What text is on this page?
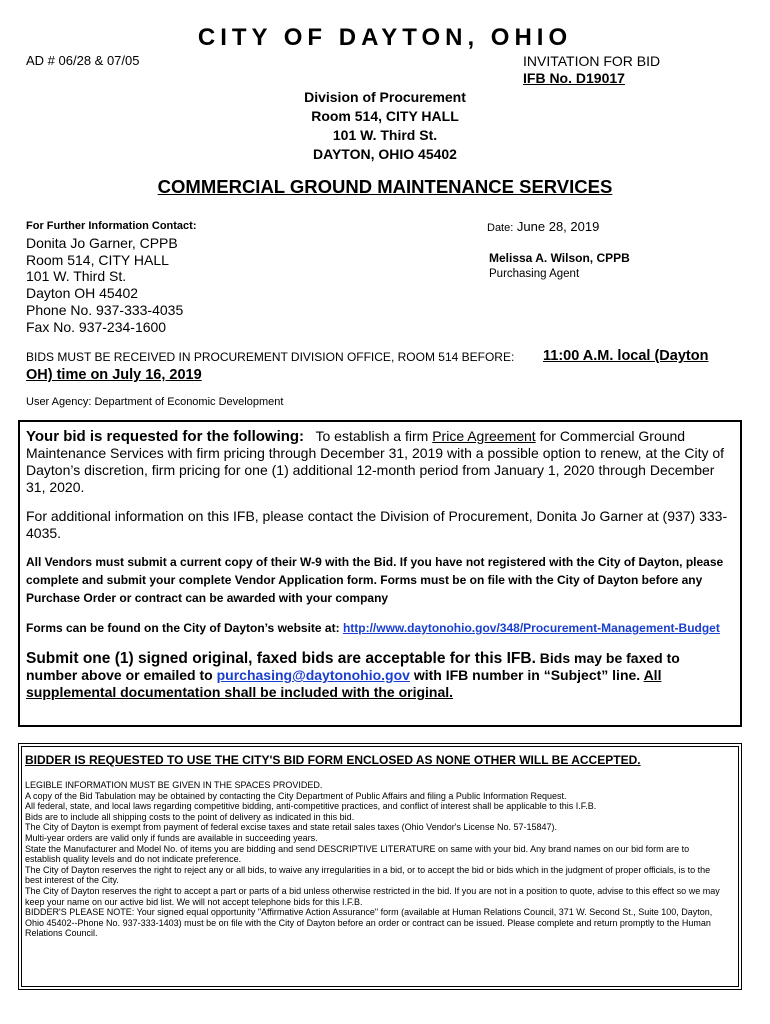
CITY OF DAYTON, OHIO
AD # 06/28 & 07/05	INVITATION FOR BID
IFB No. D19017
Division of Procurement
Room 514, CITY HALL
101 W. Third St.
DAYTON, OHIO 45402
COMMERCIAL GROUND MAINTENANCE SERVICES
For Further Information Contact:	Date: June 28, 2019
Donita Jo Garner, CPPB
Room 514, CITY HALL
101 W. Third St.
Dayton OH 45402
Phone No. 937-333-4035
Fax No. 937-234-1600
Melissa A. Wilson, CPPB
Purchasing Agent
BIDS MUST BE RECEIVED IN PROCUREMENT DIVISION OFFICE, ROOM 514 BEFORE: 11:00 A.M. local (Dayton
OH) time on July 16, 2019
User Agency: Department of Economic Development

Your bid is requested for the following: To establish a firm Price Agreement for Commercial Ground Maintenance Services with firm pricing through December 31, 2019 with a possible option to renew, at the City of Dayton’s discretion, firm pricing for one (1) additional 12-month period from January 1, 2020 through December 31, 2020.

For additional information on this IFB, please contact the Division of Procurement, Donita Jo Garner at (937) 333-4035.

All Vendors must submit a current copy of their W-9 with the Bid. If you have not registered with the City of Dayton, please complete and submit your complete Vendor Application form. Forms must be on file with the City of Dayton before any Purchase Order or contract can be awarded with your company

Forms can be found on the City of Dayton’s website at: http://www.daytonohio.gov/348/Procurement-Management-Budget

Submit one (1) signed original, faxed bids are acceptable for this IFB. Bids may be faxed to number above or emailed to purchasing@daytonohio.gov with IFB number in “Subject” line. All supplemental documentation shall be included with the original.

BIDDER IS REQUESTED TO USE THE CITY'S BID FORM ENCLOSED AS NONE OTHER WILL BE ACCEPTED.

LEGIBLE INFORMATION MUST BE GIVEN IN THE SPACES PROVIDED.

A copy of the Bid Tabulation may be obtained by contacting the City Department of Public Affairs and filing a Public Information Request.

All federal, state, and local laws regarding competitive bidding, anti-competitive practices, and conflict of interest shall be applicable to this I.F.B.

Bids are to include all shipping costs to the point of delivery as indicated in this bid.

The City of Dayton is exempt from payment of federal excise taxes and state retail sales taxes (Ohio Vendor's License No. 57-15847).

Multi-year orders are valid only if funds are available in succeeding years.

State the Manufacturer and Model No. of items you are bidding and send DESCRIPTIVE LITERATURE on same with your bid. Any brand names on our bid form are to establish quality levels and do not indicate preference.

The City of Dayton reserves the right to reject any or all bids, to waive any irregularities in a bid, or to accept the bid or bids which in the judgment of proper officials, is to the best interest of the City.

The City of Dayton reserves the right to accept a part or parts of a bid unless otherwise restricted in the bid. If you are not in a position to quote, advise to this effect so we may keep your name on our active bid list. We will not accept telephone bids for this I.F.B.

BIDDER'S PLEASE NOTE: Your signed equal opportunity "Affirmative Action Assurance" form (available at Human Relations Council, 371 W. Second St., Suite 100, Dayton, Ohio 45402--Phone No. 937-333-1403) must be on file with the City of Dayton before an order or contract can be issued. Please complete and return promptly to the Human Relations Council.
